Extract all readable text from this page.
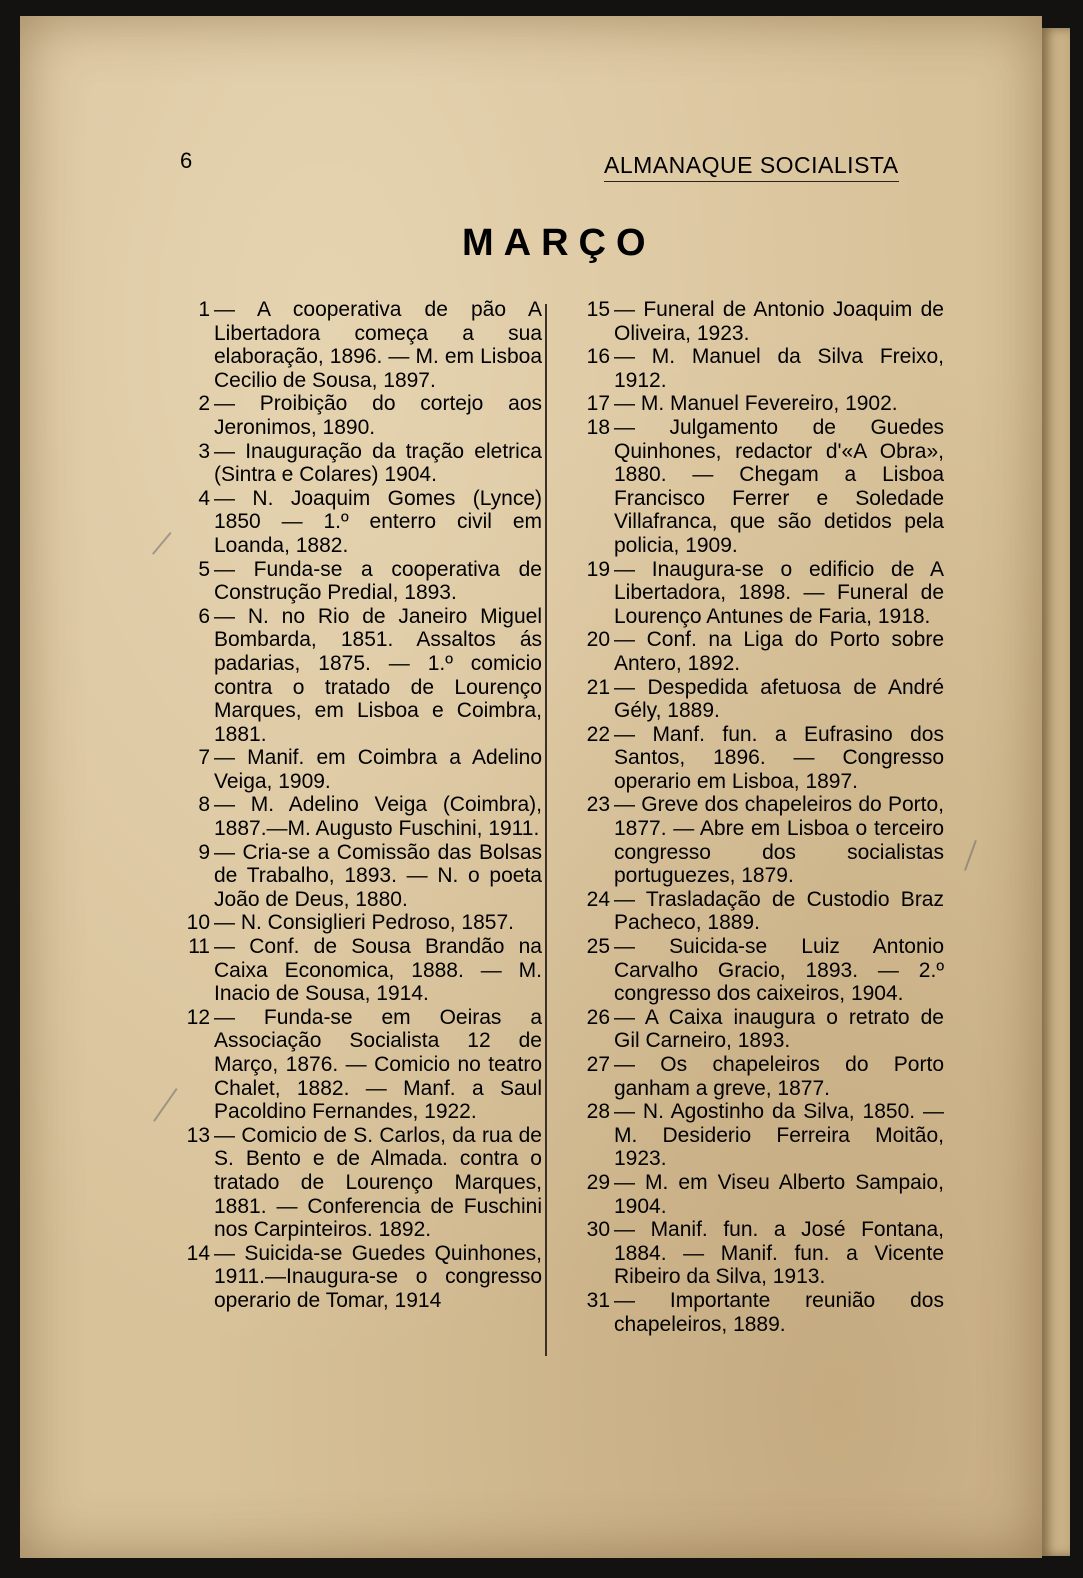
6	ALMANAQUE SOCIALISTA
MARÇO
1 — A cooperativa de pão A Libertadora começa a sua elaboração, 1896. — M. em Lisboa Cecilio de Sousa, 1897.
2 — Proibição do cortejo aos Jeronimos, 1890.
3 — Inauguração da tração eletrica (Sintra e Colares) 1904.
4 — N. Joaquim Gomes (Lynce) 1850 — 1.º enterro civil em Loanda, 1882.
5 — Funda-se a cooperativa de Construção Predial, 1893.
6 — N. no Rio de Janeiro Miguel Bombarda, 1851. Assaltos ás padarias, 1875. — 1.º comicio contra o tratado de Lourenço Marques, em Lisboa e Coimbra, 1881.
7 — Manif. em Coimbra a Adelino Veiga, 1909.
8 — M. Adelino Veiga (Coimbra), 1887.—M. Augusto Fuschini, 1911.
9 — Cria-se a Comissão das Bolsas de Trabalho, 1893. — N. o poeta João de Deus, 1880.
10 — N. Consiglieri Pedroso, 1857.
11 — Conf. de Sousa Brandão na Caixa Economica, 1888. — M. Inacio de Sousa, 1914.
12 — Funda-se em Oeiras a Associação Socialista 12 de Março, 1876. — Comicio no teatro Chalet, 1882. — Manf. a Saul Pacoldino Fernandes, 1922.
13 — Comicio de S. Carlos, da rua de S. Bento e de Almada. contra o tratado de Lourenço Marques, 1881. — Conferencia de Fuschini nos Carpinteiros. 1892.
14 — Suicida-se Guedes Quinhones, 1911.—Inaugura-se o congresso operario de Tomar, 1914
15 — Funeral de Antonio Joaquim de Oliveira, 1923.
16 — M. Manuel da Silva Freixo, 1912.
17 — M. Manuel Fevereiro, 1902.
18 — Julgamento de Guedes Quinhones, redactor d'«A Obra», 1880. — Chegam a Lisboa Francisco Ferrer e Soledade Villafranca, que são detidos pela policia, 1909.
19 — Inaugura-se o edificio de A Libertadora, 1898. — Funeral de Lourenço Antunes de Faria, 1918.
20 — Conf. na Liga do Porto sobre Antero, 1892.
21 — Despedida afetuosa de André Gély, 1889.
22 — Manf. fun. a Eufrasino dos Santos, 1896. — Congresso operario em Lisboa, 1897.
23 — Greve dos chapeleiros do Porto, 1877. — Abre em Lisboa o terceiro congresso dos socialistas portuguezes, 1879.
24 — Trasladação de Custodio Braz Pacheco, 1889.
25 — Suicida-se Luiz Antonio Carvalho Gracio, 1893. — 2.º congresso dos caixeiros, 1904.
26 — A Caixa inaugura o retrato de Gil Carneiro, 1893.
27 — Os chapeleiros do Porto ganham a greve, 1877.
28 — N. Agostinho da Silva, 1850. — M. Desiderio Ferreira Moitão, 1923.
29 — M. em Viseu Alberto Sampaio, 1904.
30 — Manif. fun. a José Fontana, 1884. — Manif. fun. a Vicente Ribeiro da Silva, 1913.
31 — Importante reunião dos chapeleiros, 1889.
